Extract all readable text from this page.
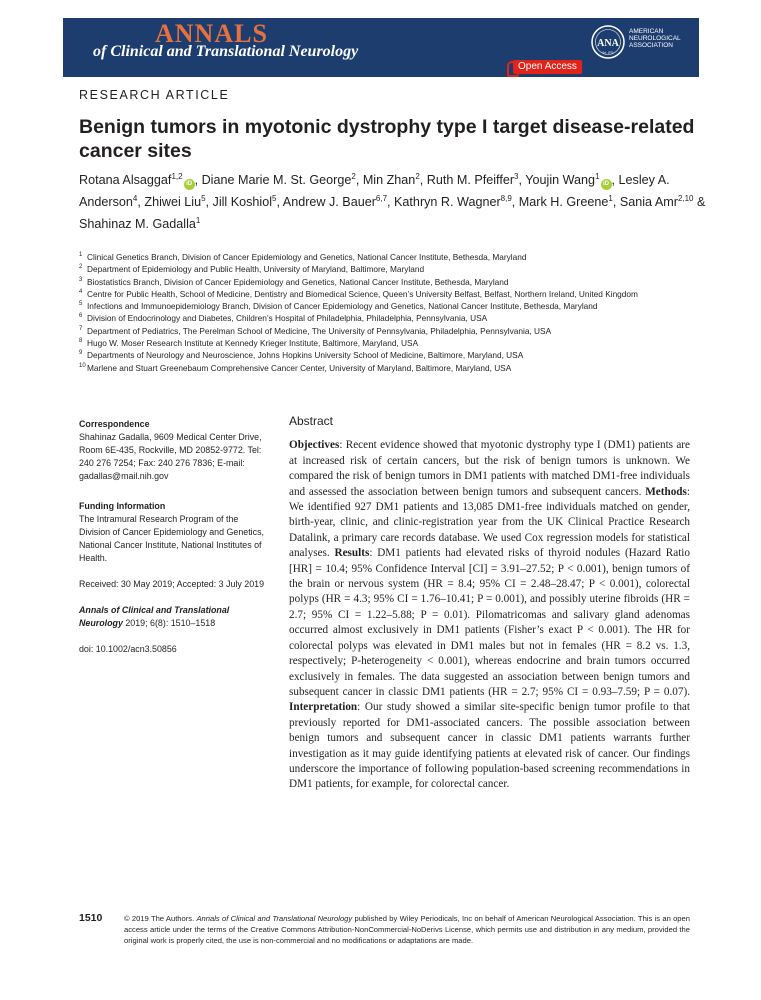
ANNALS
of Clinical and Translational Neurology	ANA
Est. 1875
AMERICAN
NEUROLOGICAL
ASSOCIATION
Open Access
RESEARCH ARTICLE
Benign tumors in myotonic dystrophy type I target disease-related cancer sites

Rotana Alsaggaf$^{1,2}$iD , Diane Marie M. St. George$^2$, Min Zhan$^2$, Ruth M. Pfeiffer$^3$, Youjin Wang$^1$iD , Lesley A. Anderson$^4$, Zhiwei Liu$^5$, Jill Koshiol$^5$, Andrew J. Bauer$^{6,7}$, Kathryn R. Wagner$^{8,9}$, Mark H. Greene$^1$, Sania Amr$^{2,10}$ & Shahinaz M. Gadalla$^1$

1 Clinical Genetics Branch, Division of Cancer Epidemiology and Genetics, National Cancer Institute, Bethesda, Maryland
2 Department of Epidemiology and Public Health, University of Maryland, Baltimore, Maryland
3 Biostatistics Branch, Division of Cancer Epidemiology and Genetics, National Cancer Institute, Bethesda, Maryland
4 Centre for Public Health, School of Medicine, Dentistry and Biomedical Science, Queen’s University Belfast, Belfast, Northern Ireland, United Kingdom
5 Infections and Immunoepidemiology Branch, Division of Cancer Epidemiology and Genetics, National Cancer Institute, Bethesda, Maryland
6 Division of Endocrinology and Diabetes, Children’s Hospital of Philadelphia, Philadelphia, Pennsylvania, USA
7 Department of Pediatrics, The Perelman School of Medicine, The University of Pennsylvania, Philadelphia, Pennsylvania, USA
8 Hugo W. Moser Research Institute at Kennedy Krieger Institute, Baltimore, Maryland, USA
9 Departments of Neurology and Neuroscience, Johns Hopkins University School of Medicine, Baltimore, Maryland, USA
10 Marlene and Stuart Greenebaum Comprehensive Cancer Center, University of Maryland, Baltimore, Maryland, USA
Correspondence

Shahinaz Gadalla, 9609 Medical Center Drive, Room 6E-435, Rockville, MD 20852-9772. Tel: 240 276 7254; Fax: 240 276 7836; E-mail: gadallas@mail.nih.gov

Funding Information

The Intramural Research Program of the Division of Cancer Epidemiology and Genetics, National Cancer Institute, National Institutes of Health.

Received: 30 May 2019; Accepted: 3 July 2019

Annals of Clinical and Translational Neurology 2019; 6(8): 1510–1518

doi: 10.1002/acn3.50856

Abstract

Objectives: Recent evidence showed that myotonic dystrophy type I (DM1) patients are at increased risk of certain cancers, but the risk of benign tumors is unknown. We compared the risk of benign tumors in DM1 patients with matched DM1-free individuals and assessed the association between benign tumors and subsequent cancers. Methods: We identified 927 DM1 patients and 13,085 DM1-free individuals matched on gender, birth-year, clinic, and clinic-registration year from the UK Clinical Practice Research Datalink, a primary care records database. We used Cox regression models for statistical analyses. Results: DM1 patients had elevated risks of thyroid nodules (Hazard Ratio [HR] = 10.4; 95% Confidence Interval [CI] = 3.91–27.52; P < 0.001), benign tumors of the brain or nervous system (HR = 8.4; 95% CI = 2.48–28.47; P < 0.001), colorectal polyps (HR = 4.3; 95% CI = 1.76–10.41; P = 0.001), and possibly uterine fibroids (HR = 2.7; 95% CI = 1.22–5.88; P = 0.01). Pilomatricomas and salivary gland adenomas occurred almost exclusively in DM1 patients (Fisher’s exact P < 0.001). The HR for colorectal polyps was elevated in DM1 males but not in females (HR = 8.2 vs. 1.3, respectively; P-heterogeneity < 0.001), whereas endocrine and brain tumors occurred exclusively in females. The data suggested an association between benign tumors and subsequent cancer in classic DM1 patients (HR = 2.7; 95% CI = 0.93–7.59; P = 0.07). Interpretation: Our study showed a similar site-specific benign tumor profile to that previously reported for DM1-associated cancers. The possible association between benign tumors and subsequent cancer in classic DM1 patients warrants further investigation as it may guide identifying patients at elevated risk of cancer. Our findings underscore the importance of following population-based screening recommendations in DM1 patients, for example, for colorectal cancer.

1510	© 2019 The Authors. Annals of Clinical and Translational Neurology published by Wiley Periodicals, Inc on behalf of American Neurological Association. This is an open access article under the terms of the Creative Commons Attribution-NonCommercial-NoDerivs License, which permits use and distribution in any medium, provided the original work is properly cited, the use is non-commercial and no modifications or adaptations are made.
